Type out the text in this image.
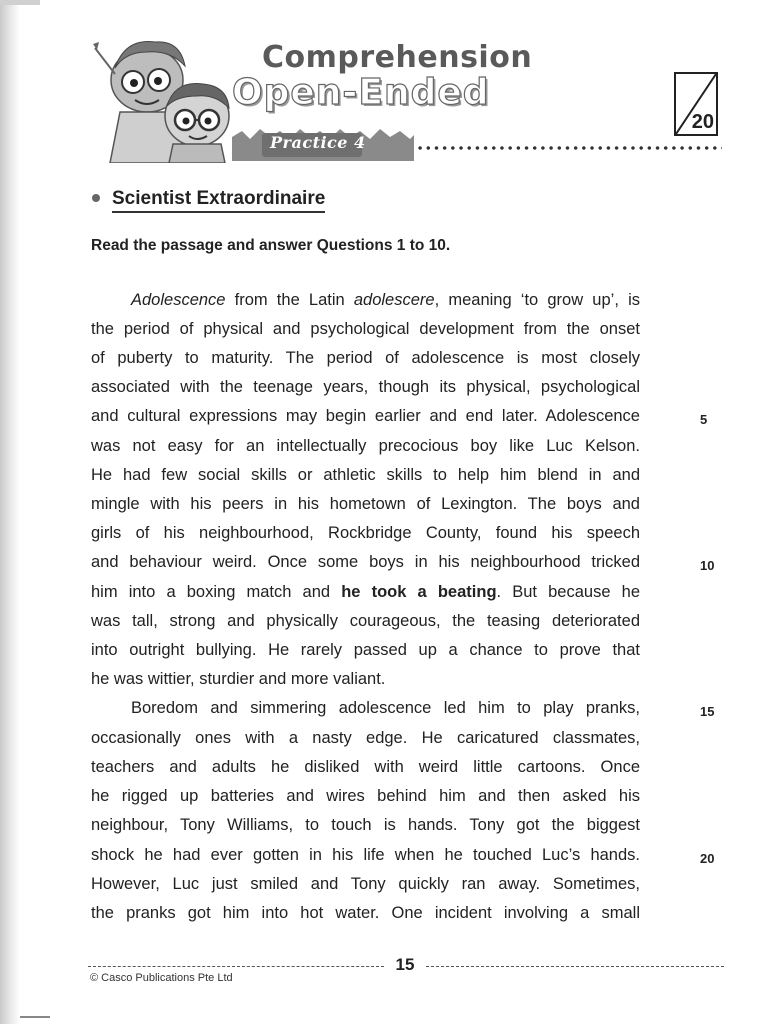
Comprehension
Open-Ended
Practice 4
20
Scientist Extraordinaire
Read the passage and answer Questions 1 to 10.
Adolescence from the Latin adolescere, meaning ‘to grow up’, is
the period of physical and psychological development from the onset
of puberty to maturity. The period of adolescence is most closely
associated with the teenage years, though its physical, psychological
and cultural expressions may begin earlier and end later. Adolescence
was not easy for an intellectually precocious boy like Luc Kelson.
He had few social skills or athletic skills to help him blend in and
mingle with his peers in his hometown of Lexington. The boys and
girls of his neighbourhood, Rockbridge County, found his speech
and behaviour weird. Once some boys in his neighbourhood tricked
him into a boxing match and he took a beating. But because he
was tall, strong and physically courageous, the teasing deteriorated
into outright bullying. He rarely passed up a chance to prove that
he was wittier, sturdier and more valiant.
Boredom and simmering adolescence led him to play pranks,
occasionally ones with a nasty edge. He caricatured classmates,
teachers and adults he disliked with weird little cartoons. Once
he rigged up batteries and wires behind him and then asked his
neighbour, Tony Williams, to touch is hands. Tony got the biggest
shock he had ever gotten in his life when he touched Luc’s hands.
However, Luc just smiled and Tony quickly ran away. Sometimes,
the pranks got him into hot water. One incident involving a small
5
10
15
20
15
© Casco Publications Pte Ltd
